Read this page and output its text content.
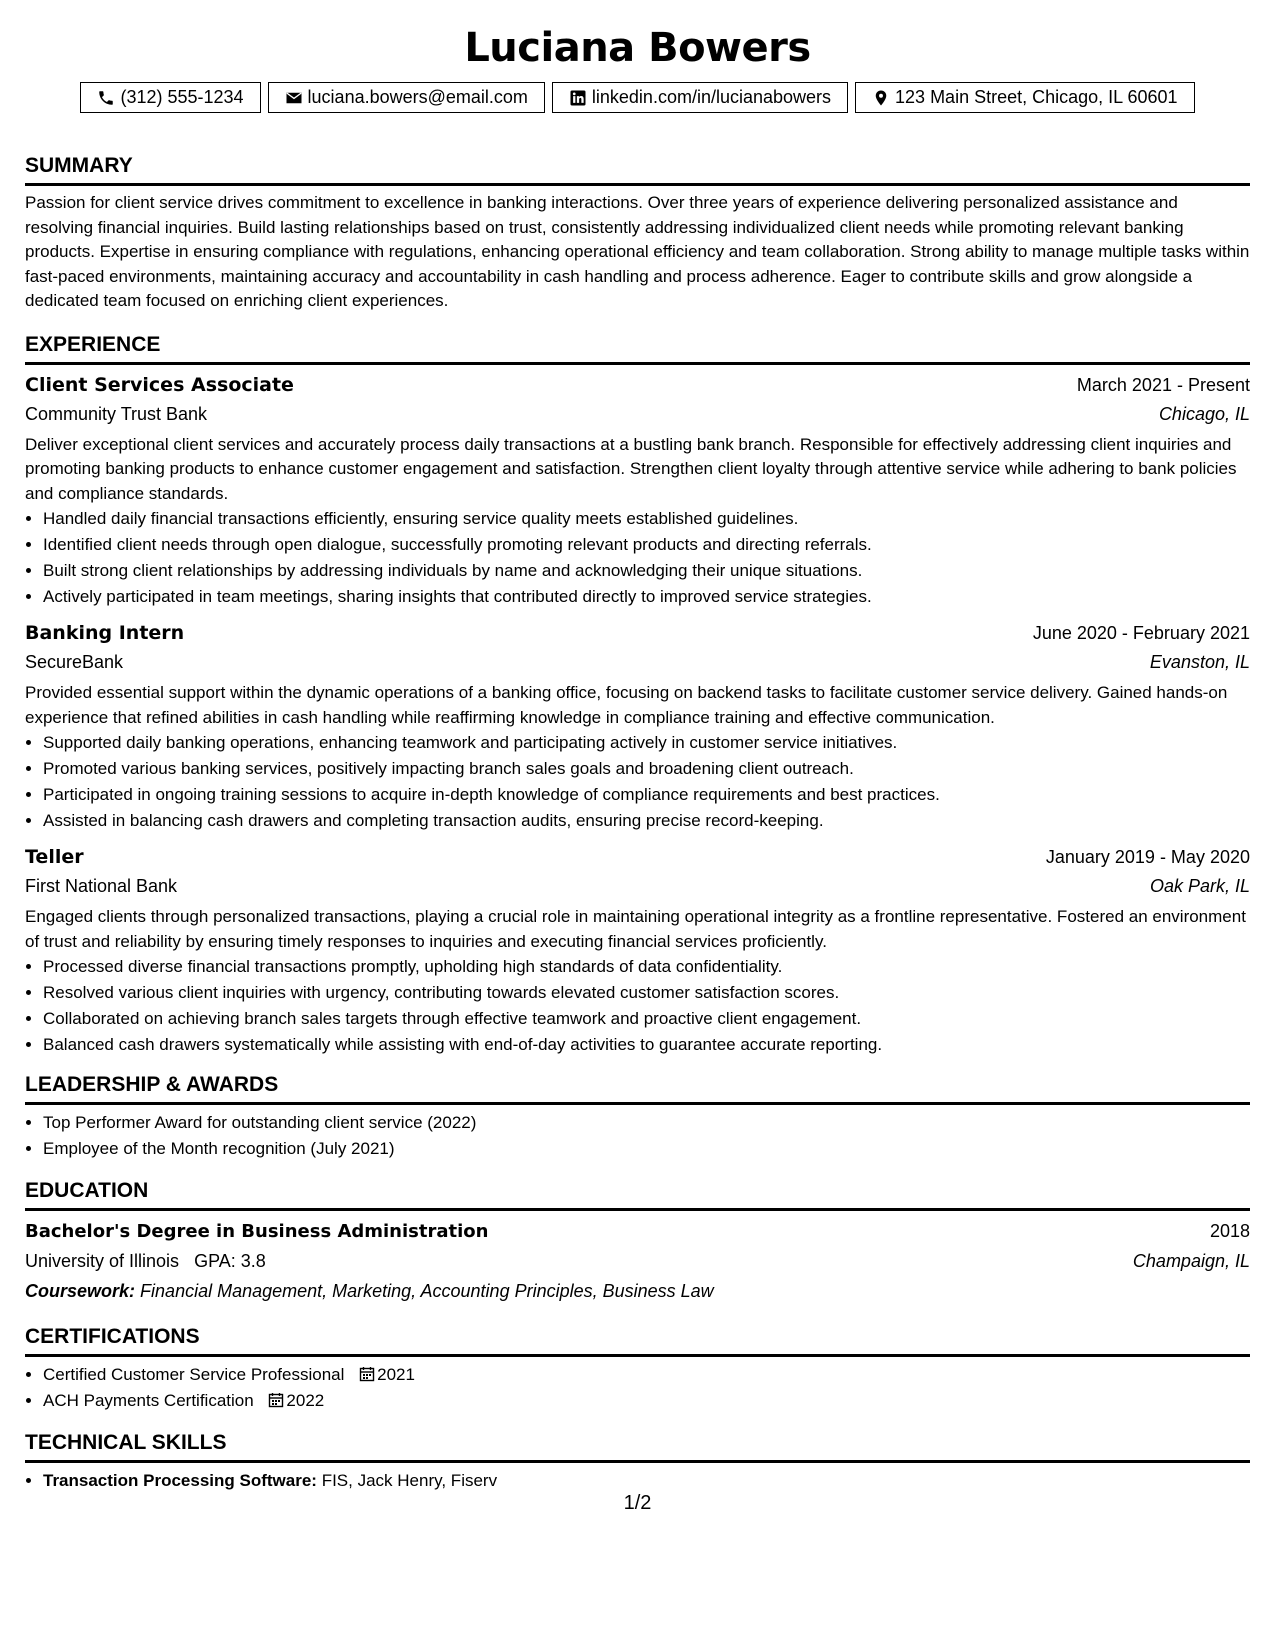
Luciana Bowers
(312) 555-1234	luciana.bowers@email.com	linkedin.com/in/lucianabowers	123 Main Street, Chicago, IL 60601
SUMMARY

Passion for client service drives commitment to excellence in banking interactions. Over three years of experience delivering personalized assistance and resolving financial inquiries. Build lasting relationships based on trust, consistently addressing individualized client needs while promoting relevant banking products. Expertise in ensuring compliance with regulations, enhancing operational efficiency and team collaboration. Strong ability to manage multiple tasks within fast-paced environments, maintaining accuracy and accountability in cash handling and process adherence. Eager to contribute skills and grow alongside a dedicated team focused on enriching client experiences.

EXPERIENCE
Client Services Associate	March 2021 - Present
Community Trust Bank	Chicago, IL

Deliver exceptional client services and accurately process daily transactions at a bustling bank branch. Responsible for effectively addressing client inquiries and promoting banking products to enhance customer engagement and satisfaction. Strengthen client loyalty through attentive service while adhering to bank policies and compliance standards.

• Handled daily financial transactions efficiently, ensuring service quality meets established guidelines.
• Identified client needs through open dialogue, successfully promoting relevant products and directing referrals.
• Built strong client relationships by addressing individuals by name and acknowledging their unique situations.
• Actively participated in team meetings, sharing insights that contributed directly to improved service strategies.
Banking Intern	June 2020 - February 2021
SecureBank	Evanston, IL

Provided essential support within the dynamic operations of a banking office, focusing on backend tasks to facilitate customer service delivery. Gained hands-on experience that refined abilities in cash handling while reaffirming knowledge in compliance training and effective communication.

• Supported daily banking operations, enhancing teamwork and participating actively in customer service initiatives.
• Promoted various banking services, positively impacting branch sales goals and broadening client outreach.
• Participated in ongoing training sessions to acquire in-depth knowledge of compliance requirements and best practices.
• Assisted in balancing cash drawers and completing transaction audits, ensuring precise record-keeping.
Teller	January 2019 - May 2020
First National Bank	Oak Park, IL

Engaged clients through personalized transactions, playing a crucial role in maintaining operational integrity as a frontline representative. Fostered an environment of trust and reliability by ensuring timely responses to inquiries and executing financial services proficiently.

• Processed diverse financial transactions promptly, upholding high standards of data confidentiality.
• Resolved various client inquiries with urgency, contributing towards elevated customer satisfaction scores.
• Collaborated on achieving branch sales targets through effective teamwork and proactive client engagement.
• Balanced cash drawers systematically while assisting with end-of-day activities to guarantee accurate reporting.
LEADERSHIP & AWARDS
• Top Performer Award for outstanding client service (2022)
• Employee of the Month recognition (July 2021)
EDUCATION
Bachelor's Degree in Business Administration	2018
University of Illinois GPA: 3.8	Champaign, IL
Coursework: Financial Management, Marketing, Accounting Principles, Business Law
CERTIFICATIONS
• Certified Customer Service Professional 2021
• ACH Payments Certification 2022
TECHNICAL SKILLS
• Transaction Processing Software: FIS, Jack Henry, Fiserv
1/2
